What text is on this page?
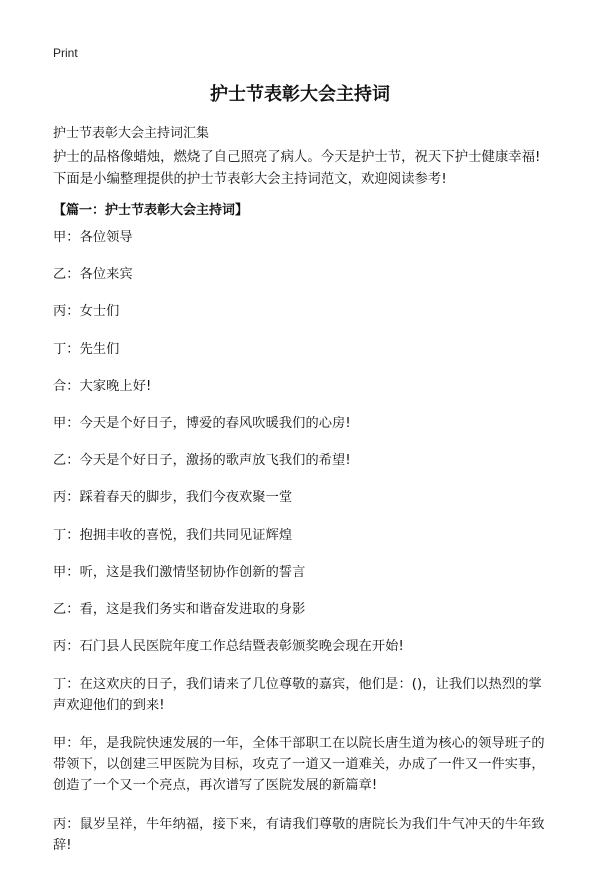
Print
护士节表彰大会主持词
护士节表彰大会主持词汇集

护士的品格像蜡烛，燃烧了自己照亮了病人。今天是护士节，祝天下护士健康幸福!下面是小编整理提供的护士节表彰大会主持词范文，欢迎阅读参考!

【篇一：护士节表彰大会主持词】
甲：各位领导
乙：各位来宾
丙：女士们
丁：先生们
合：大家晚上好!
甲：今天是个好日子，博爱的春风吹暖我们的心房!
乙：今天是个好日子，激扬的歌声放飞我们的希望!
丙：踩着春天的脚步，我们今夜欢聚一堂
丁：抱拥丰收的喜悦，我们共同见证辉煌
甲：听，这是我们激情坚韧协作创新的誓言
乙：看，这是我们务实和谐奋发进取的身影
丙：石门县人民医院年度工作总结暨表彰颁奖晚会现在开始!
丁：在这欢庆的日子，我们请来了几位尊敬的嘉宾，他们是：()，让我们以热烈的掌声欢迎他们的到来!
甲：年，是我院快速发展的一年，全体干部职工在以院长唐生道为核心的领导班子的带领下，以创建三甲医院为目标，攻克了一道又一道难关，办成了一件又一件实事，创造了一个又一个亮点，再次谱写了医院发展的新篇章!
丙：鼠岁呈祥，牛年纳福，接下来，有请我们尊敬的唐院长为我们牛气冲天的牛年致辞!
